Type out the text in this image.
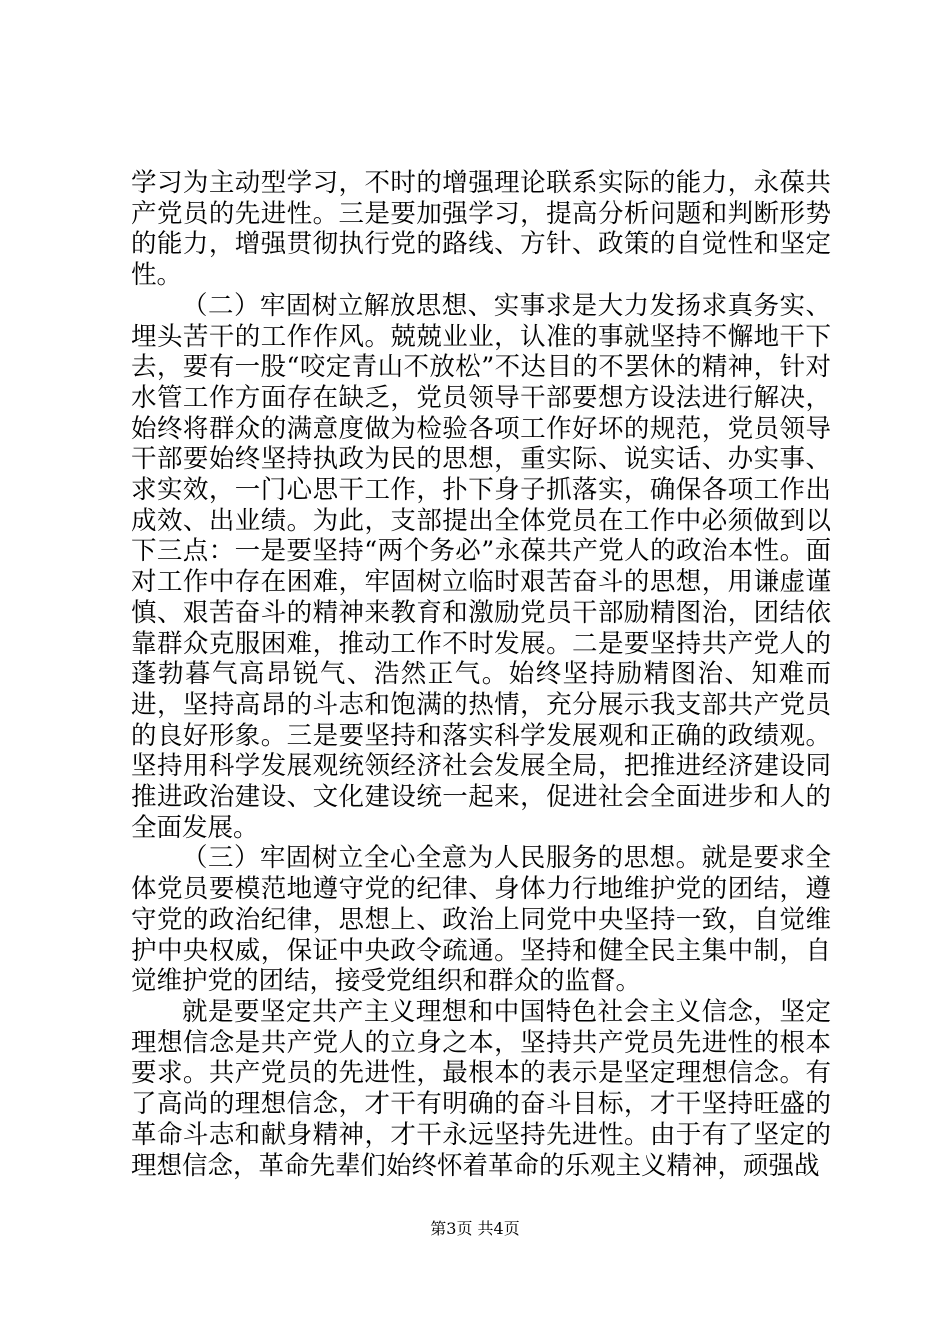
学习为主动型学习，不时的增强理论联系实际的能力，永葆共产党员的先进性。三是要加强学习，提高分析问题和判断形势的能力，增强贯彻执行党的路线、方针、政策的自觉性和坚定性。

（二）牢固树立解放思想、实事求是大力发扬求真务实、埋头苦干的工作作风。兢兢业业，认准的事就坚持不懈地干下去，要有一股“咬定青山不放松”不达目的不罢休的精神，针对水管工作方面存在缺乏，党员领导干部要想方设法进行解决，始终将群众的满意度做为检验各项工作好坏的规范，党员领导干部要始终坚持执政为民的思想，重实际、说实话、办实事、求实效，一门心思干工作，扑下身子抓落实，确保各项工作出成效、出业绩。为此，支部提出全体党员在工作中必须做到以下三点：一是要坚持“两个务必”永葆共产党人的政治本性。面对工作中存在困难，牢固树立临时艰苦奋斗的思想，用谦虚谨慎、艰苦奋斗的精神来教育和激励党员干部励精图治，团结依靠群众克服困难，推动工作不时发展。二是要坚持共产党人的蓬勃暮气高昂锐气、浩然正气。始终坚持励精图治、知难而进，坚持高昂的斗志和饱满的热情，充分展示我支部共产党员的良好形象。三是要坚持和落实科学发展观和正确的政绩观。坚持用科学发展观统领经济社会发展全局，把推进经济建设同推进政治建设、文化建设统一起来，促进社会全面进步和人的全面发展。

（三）牢固树立全心全意为人民服务的思想。就是要求全体党员要模范地遵守党的纪律、身体力行地维护党的团结，遵守党的政治纪律，思想上、政治上同党中央坚持一致，自觉维护中央权威，保证中央政令疏通。坚持和健全民主集中制，自觉维护党的团结，接受党组织和群众的监督。

就是要坚定共产主义理想和中国特色社会主义信念，坚定理想信念是共产党人的立身之本，坚持共产党员先进性的根本要求。共产党员的先进性，最根本的表示是坚定理想信念。有了高尚的理想信念，才干有明确的奋斗目标，才干坚持旺盛的革命斗志和献身精神，才干永远坚持先进性。由于有了坚定的理想信念，革命先辈们始终怀着革命的乐观主义精神，顽强战

第3页 共4页
